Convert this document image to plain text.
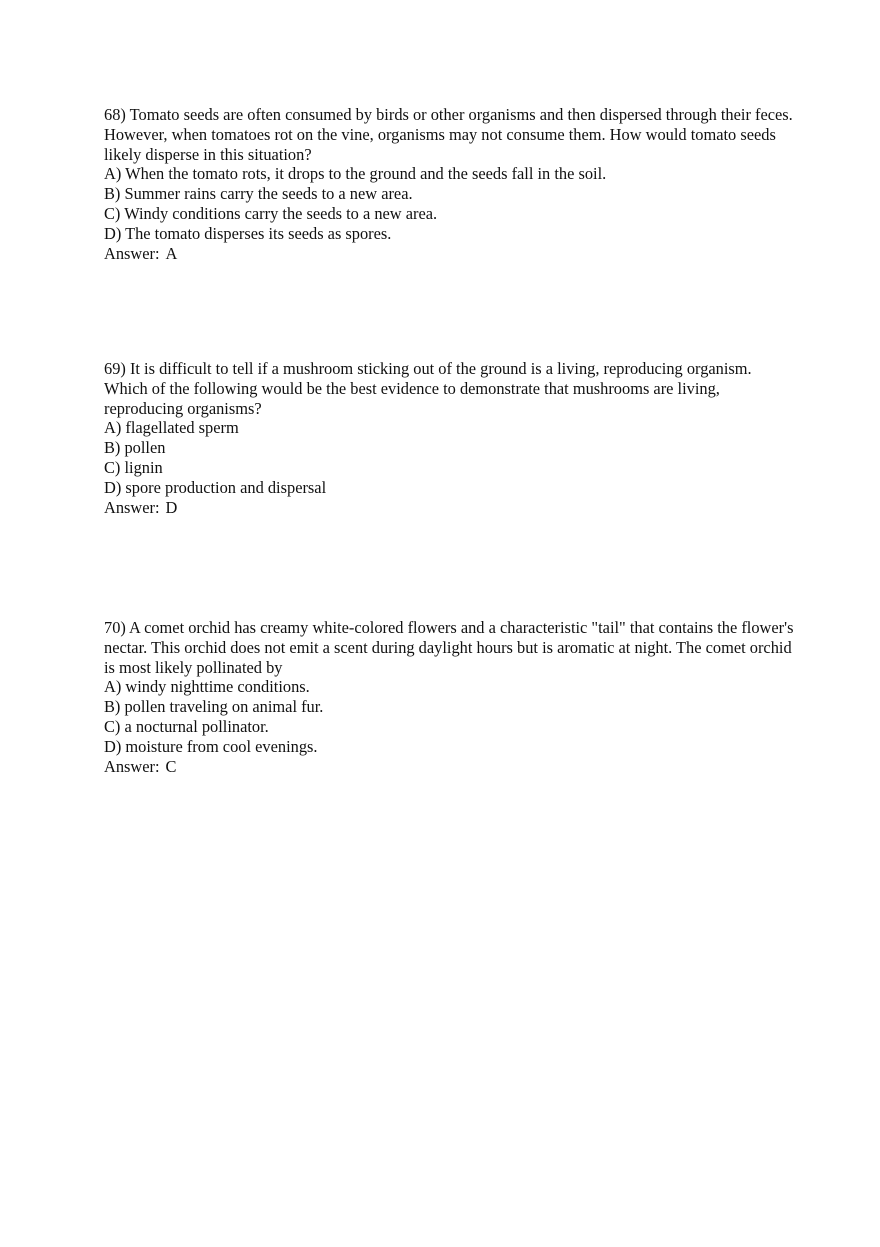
68) Tomato seeds are often consumed by birds or other organisms and then dispersed through their feces. However, when tomatoes rot on the vine, organisms may not consume them. How would tomato seeds likely disperse in this situation?

A) When the tomato rots, it drops to the ground and the seeds fall in the soil.

B) Summer rains carry the seeds to a new area.

C) Windy conditions carry the seeds to a new area.

D) The tomato disperses its seeds as spores.

Answer: A

69) It is difficult to tell if a mushroom sticking out of the ground is a living, reproducing organism. Which of the following would be the best evidence to demonstrate that mushrooms are living, reproducing organisms?

A) flagellated sperm

B) pollen

C) lignin

D) spore production and dispersal

Answer: D

70) A comet orchid has creamy white-colored flowers and a characteristic "tail" that contains the flower's nectar. This orchid does not emit a scent during daylight hours but is aromatic at night. The comet orchid is most likely pollinated by

A) windy nighttime conditions.

B) pollen traveling on animal fur.

C) a nocturnal pollinator.

D) moisture from cool evenings.

Answer: C
